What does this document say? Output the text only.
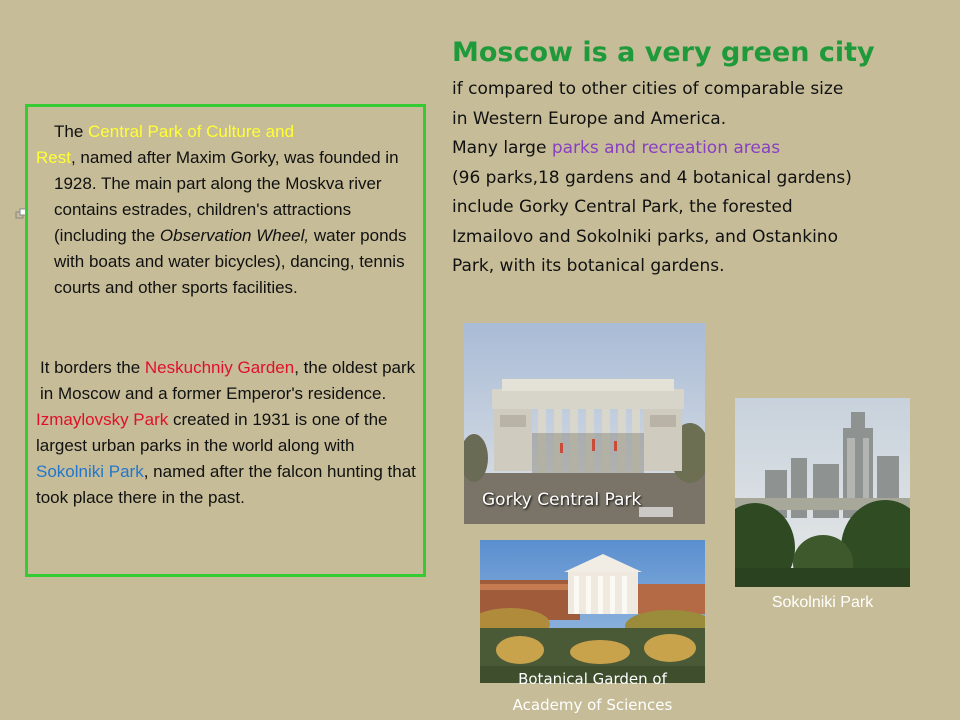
The Central Park of Culture and
Rest, named after Maxim Gorky, was founded in 1928. The main part along the Moskva river contains estrades, children's attractions (including the Observation Wheel, water ponds with boats and water bicycles), dancing, tennis courts and other sports facilities.

It borders the Neskuchniy Garden, the oldest park in Moscow and a former Emperor's residence.

Izmaylovsky Park created in 1931 is one of the largest urban parks in the world along with

Sokolniki Park, named after the falcon hunting that took place there in the past.

Moscow is a very green city

if compared to other cities of comparable size

in Western Europe and America.

Many large parks and recreation areas

(96 parks,18 gardens and 4 botanical gardens)

include Gorky Central Park, the forested

Izmailovo and Sokolniki parks, and Ostankino

Park, with its botanical gardens.

Gorky Central Park
Sokolniki Park
Botanical Garden of
Academy of Sciences
